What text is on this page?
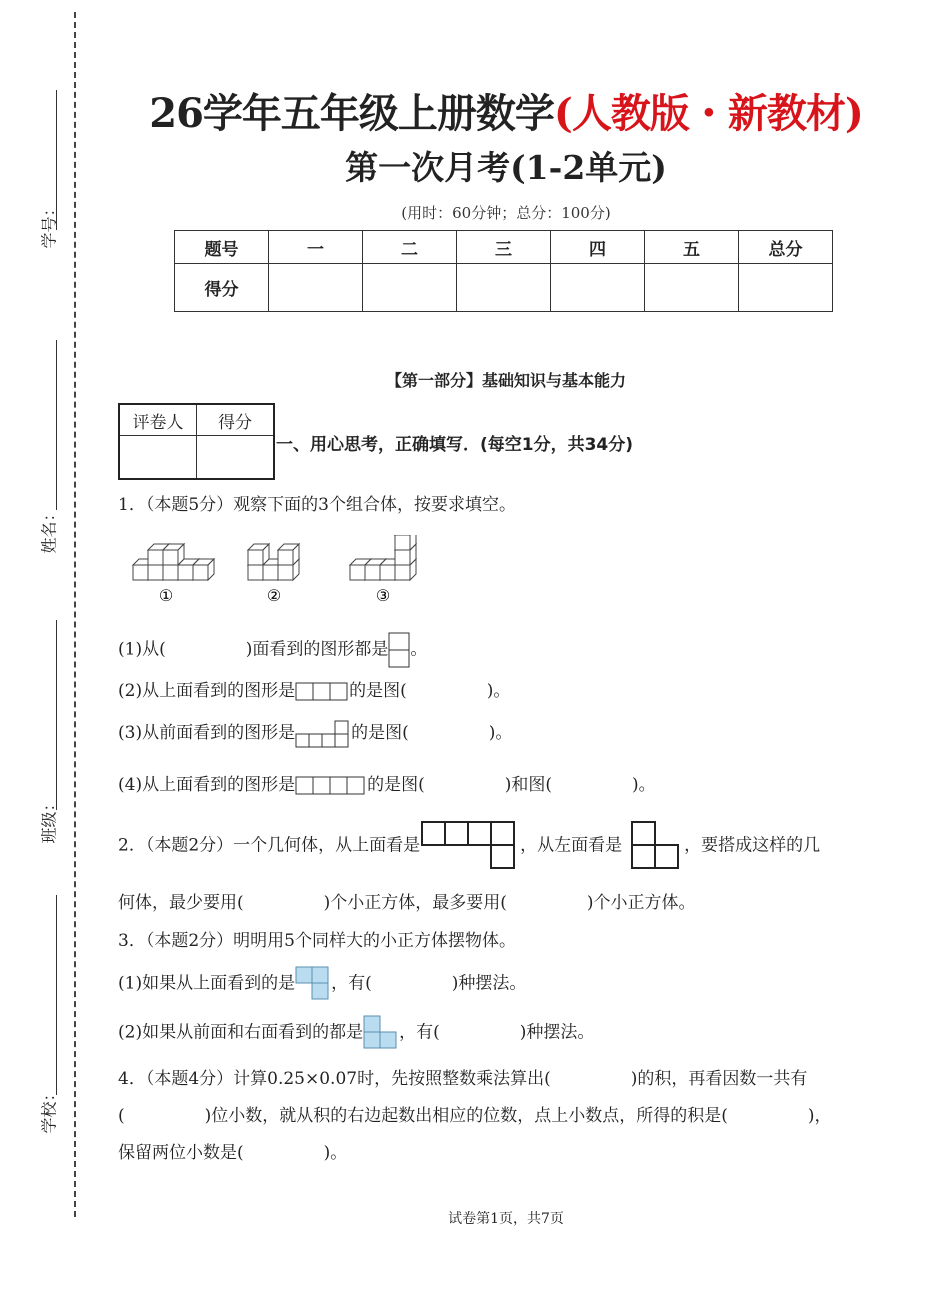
学号：
姓名：
班级：
学校：
26学年五年级上册数学(人教版・新教材)
第一次月考(1-2单元)
(用时：60分钟；总分：100分)
题号	一	二	三	四	五	总分
得分						
【第一部分】基础知识与基本能力
评卷人	得分

一、用心思考，正确填写．(每空1分，共34分)
1．（本题5分）观察下面的3个组合体，按要求填空。
①	②	③
(1)从(	)面看到的图形都是 。
(2)从上面看到的图形是	的是图(	)。
(3)从前面看到的图形是	的是图(	)。
(4)从上面看到的图形是	的是图(	)和图(	)。
2．（本题2分）一个几何体，从上面看是	，从左面看是	，要搭成这样的几
何体，最少要用(	)个小正方体，最多要用(	)个小正方体。
3．（本题2分）明明用5个同样大的小正方体摆物体。
(1)如果从上面看到的是 ，有(	)种摆法。
(2)如果从前面和右面看到的都是 ，有(	)种摆法。
4．（本题4分）计算0.25×0.07时，先按照整数乘法算出(	)的积，再看因数一共有
(	)位小数，就从积的右边起数出相应的位数，点上小数点，所得的积是(	)，
保留两位小数是(	)。
试卷第1页，共7页
